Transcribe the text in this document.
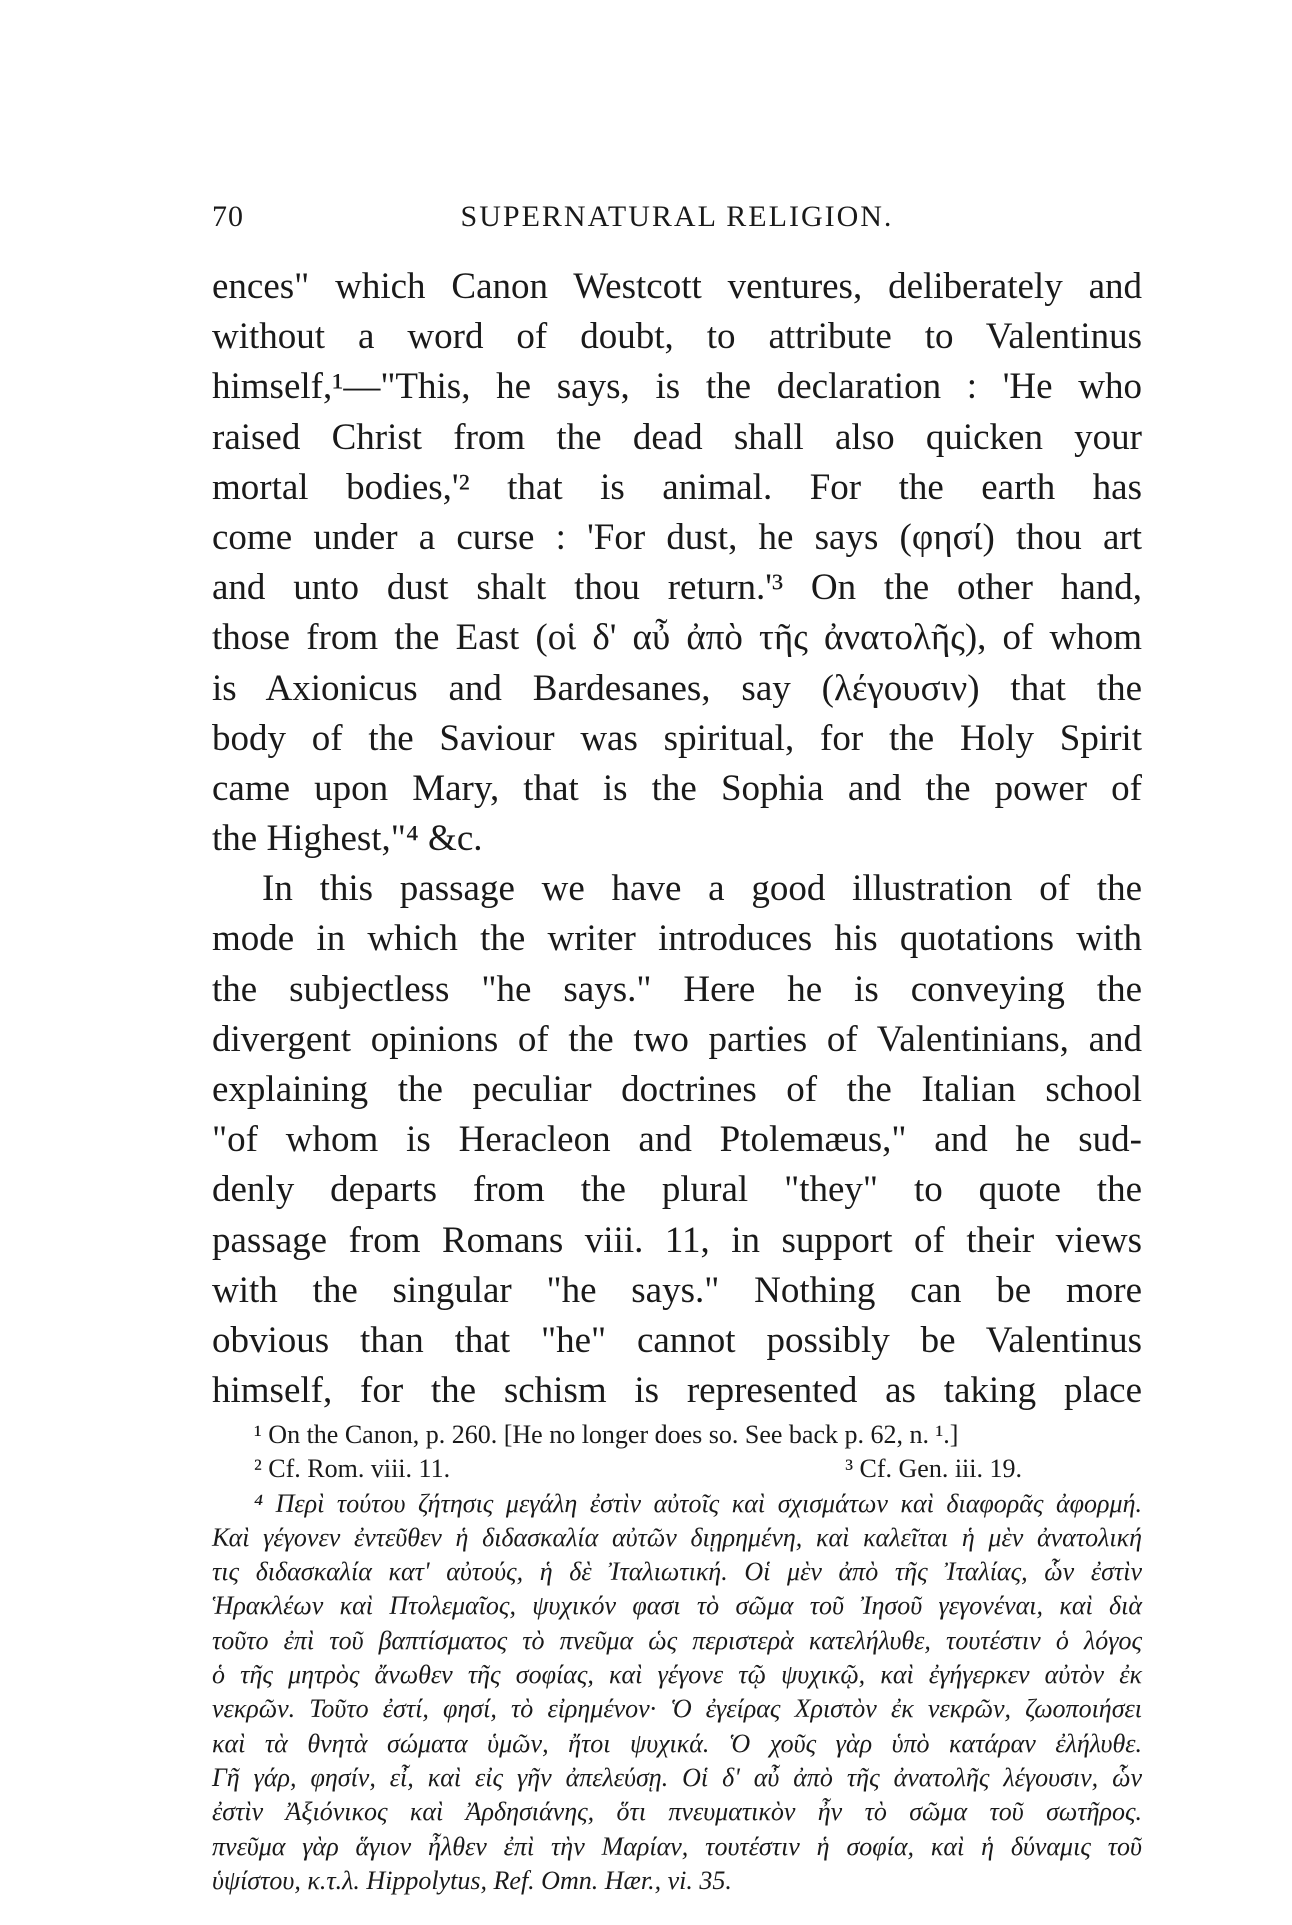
70	SUPERNATURAL RELIGION.

ences" which Canon Westcott ventures, deliberately and
without a word of doubt, to attribute to Valentinus
himself,¹—"This, he says, is the declaration : 'He who
raised Christ from the dead shall also quicken your
mortal bodies,'² that is animal. For the earth has
come under a curse : 'For dust, he says (φησί) thou art
and unto dust shalt thou return.'³ On the other hand,
those from the East (οἱ δ' αὖ ἀπὸ τῆς ἀνατολῆς), of whom
is Axionicus and Bardesanes, say (λέγουσιν) that the
body of the Saviour was spiritual, for the Holy Spirit
came upon Mary, that is the Sophia and the power of
the Highest,"⁴ &c.

In this passage we have a good illustration of the
mode in which the writer introduces his quotations with
the subjectless "he says." Here he is conveying the
divergent opinions of the two parties of Valentinians, and
explaining the peculiar doctrines of the Italian school
"of whom is Heracleon and Ptolemæus," and he sud-
denly departs from the plural "they" to quote the
passage from Romans viii. 11, in support of their views
with the singular "he says." Nothing can be more
obvious than that "he" cannot possibly be Valentinus
himself, for the schism is represented as taking place

¹ On the Canon, p. 260. [He no longer does so. See back p. 62, n. ¹.]
² Cf. Rom. viii. 11.	³ Cf. Gen. iii. 19.
⁴ Περὶ τούτου ζήτησις μεγάλη ἐστὶν αὐτοῖς καὶ σχισμάτων καὶ διαφορᾶς ἀφορμή.
Καὶ γέγονεν ἐντεῦθεν ἡ διδασκαλία αὐτῶν διῃρημένη, καὶ καλεῖται ἡ μὲν ἀνατολική
τις διδασκαλία κατ' αὐτούς, ἡ δὲ Ἰταλιωτική. Οἱ μὲν ἀπὸ τῆς Ἰταλίας, ὧν ἐστὶν
Ἡρακλέων καὶ Πτολεμαῖος, ψυχικόν φασι τὸ σῶμα τοῦ Ἰησοῦ γεγονέναι, καὶ διὰ
τοῦτο ἐπὶ τοῦ βαπτίσματος τὸ πνεῦμα ὡς περιστερὰ κατελήλυθε, τουτέστιν ὁ λόγος
ὁ τῆς μητρὸς ἄνωθεν τῆς σοφίας, καὶ γέγονε τῷ ψυχικῷ, καὶ ἐγήγερκεν αὐτὸν ἐκ
νεκρῶν. Τοῦτο ἐστί, φησί, τὸ εἰρημένον· Ὁ ἐγείρας Χριστὸν ἐκ νεκρῶν, ζωοποιήσει
καὶ τὰ θνητὰ σώματα ὑμῶν, ἤτοι ψυχικά. Ὁ χοῦς γὰρ ὑπὸ κατάραν ἐλήλυθε.
Γῆ γάρ, φησίν, εἶ, καὶ εἰς γῆν ἀπελεύσῃ. Οἱ δ' αὖ ἀπὸ τῆς ἀνατολῆς λέγουσιν, ὧν
ἐστὶν Ἀξιόνικος καὶ Ἀρδησιάνης, ὅτι πνευματικὸν ἦν τὸ σῶμα τοῦ σωτῆρος.
πνεῦμα γὰρ ἅγιον ἦλθεν ἐπὶ τὴν Μαρίαν, τουτέστιν ἡ σοφία, καὶ ἡ δύναμις τοῦ
ὑψίστου, κ.τ.λ. Hippolytus, Ref. Omn. Hær., vi. 35.
